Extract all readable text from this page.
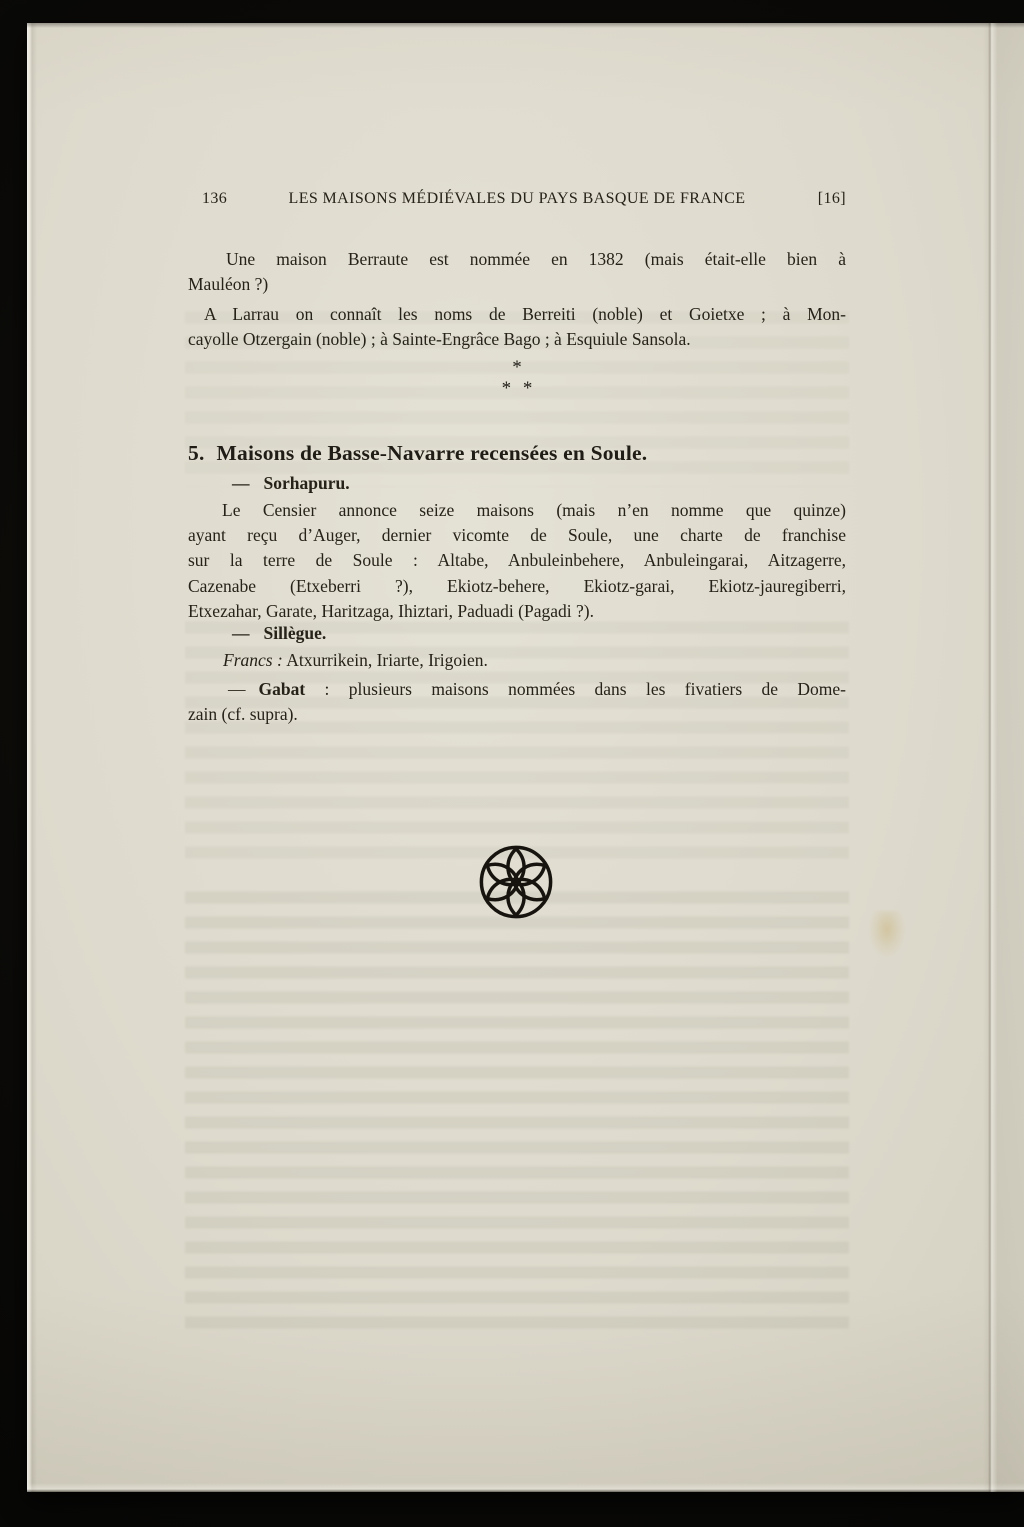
136	LES MAISONS MÉDIÉVALES DU PAYS BASQUE DE FRANCE	[16]
Une maison Berraute est nommée en 1382 (mais était-elle bien à
Mauléon ?)
A Larrau on connaît les noms de Berreiti (noble) et Goietxe ; à Mon-
cayolle Otzergain (noble) ; à Sainte-Engrâce Bago ; à Esquiule Sansola.
*
* *
5. Maisons de Basse-Navarre recensées en Soule.
— Sorhapuru.
Le Censier annonce seize maisons (mais n’en nomme que quinze)
ayant reçu d’Auger, dernier vicomte de Soule, une charte de franchise
sur la terre de Soule : Altabe, Anbuleinbehere, Anbuleingarai, Aitzagerre,
Cazenabe (Etxeberri ?), Ekiotz-behere, Ekiotz-garai, Ekiotz-jauregiberri,
Etxezahar, Garate, Haritzaga, Ihiztari, Paduadi (Pagadi ?).
— Sillègue.
Francs : Atxurrikein, Iriarte, Irigoien.
— Gabat : plusieurs maisons nommées dans les fivatiers de Dome-
zain (cf. supra).
